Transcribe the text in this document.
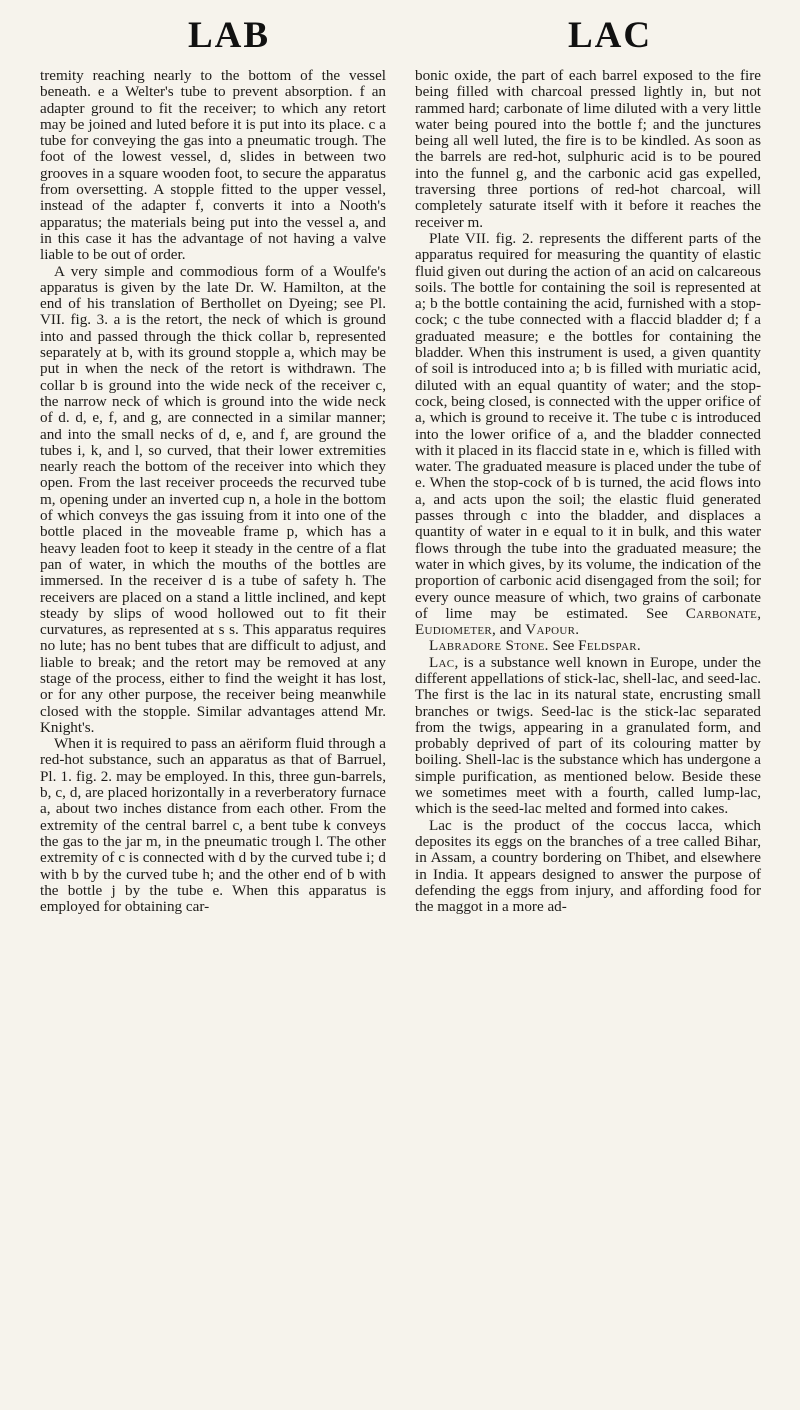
LAB	LAC

tremity reaching nearly to the bottom of the vessel beneath. e a Welter's tube to prevent absorption. f an adapter ground to fit the receiver; to which any retort may be joined and luted before it is put into its place. c a tube for conveying the gas into a pneumatic trough. The foot of the lowest vessel, d, slides in between two grooves in a square wooden foot, to secure the apparatus from oversetting. A stopple fitted to the upper vessel, instead of the adapter f, converts it into a Nooth's apparatus; the materials being put into the vessel a, and in this case it has the advantage of not having a valve liable to be out of order.

A very simple and commodious form of a Woulfe's apparatus is given by the late Dr. W. Hamilton, at the end of his translation of Berthollet on Dyeing; see Pl. VII. fig. 3. a is the retort, the neck of which is ground into and passed through the thick collar b, represented separately at b, with its ground stopple a, which may be put in when the neck of the retort is withdrawn. The collar b is ground into the wide neck of the receiver c, the narrow neck of which is ground into the wide neck of d. d, e, f, and g, are connected in a similar manner; and into the small necks of d, e, and f, are ground the tubes i, k, and l, so curved, that their lower extremities nearly reach the bottom of the receiver into which they open. From the last receiver proceeds the recurved tube m, opening under an inverted cup n, a hole in the bottom of which conveys the gas issuing from it into one of the bottle placed in the moveable frame p, which has a heavy leaden foot to keep it steady in the centre of a flat pan of water, in which the mouths of the bottles are immersed. In the receiver d is a tube of safety h. The receivers are placed on a stand a little inclined, and kept steady by slips of wood hollowed out to fit their curvatures, as represented at s s. This apparatus requires no lute; has no bent tubes that are difficult to adjust, and liable to break; and the retort may be removed at any stage of the process, either to find the weight it has lost, or for any other purpose, the receiver being meanwhile closed with the stopple. Similar advantages attend Mr. Knight's.

When it is required to pass an aëriform fluid through a red-hot substance, such an apparatus as that of Barruel, Pl. 1. fig. 2. may be employed. In this, three gun-barrels, b, c, d, are placed horizontally in a reverberatory furnace a, about two inches distance from each other. From the extremity of the central barrel c, a bent tube k conveys the gas to the jar m, in the pneumatic trough l. The other extremity of c is connected with d by the curved tube i; d with b by the curved tube h; and the other end of b with the bottle j by the tube e. When this apparatus is employed for obtaining car-

bonic oxide, the part of each barrel exposed to the fire being filled with charcoal pressed lightly in, but not rammed hard; carbonate of lime diluted with a very little water being poured into the bottle f; and the junctures being all well luted, the fire is to be kindled. As soon as the barrels are red-hot, sulphuric acid is to be poured into the funnel g, and the carbonic acid gas expelled, traversing three portions of red-hot charcoal, will completely saturate itself with it before it reaches the receiver m.

Plate VII. fig. 2. represents the different parts of the apparatus required for measuring the quantity of elastic fluid given out during the action of an acid on calcareous soils. The bottle for containing the soil is represented at a; b the bottle containing the acid, furnished with a stop-cock; c the tube connected with a flaccid bladder d; f a graduated measure; e the bottles for containing the bladder. When this instrument is used, a given quantity of soil is introduced into a; b is filled with muriatic acid, diluted with an equal quantity of water; and the stop-cock, being closed, is connected with the upper orifice of a, which is ground to receive it. The tube c is introduced into the lower orifice of a, and the bladder connected with it placed in its flaccid state in e, which is filled with water. The graduated measure is placed under the tube of e. When the stop-cock of b is turned, the acid flows into a, and acts upon the soil; the elastic fluid generated passes through c into the bladder, and displaces a quantity of water in e equal to it in bulk, and this water flows through the tube into the graduated measure; the water in which gives, by its volume, the indication of the proportion of carbonic acid disengaged from the soil; for every ounce measure of which, two grains of carbonate of lime may be estimated. See Carbonate, Eudiometer, and Vapour.

Labradore Stone. See Feldspar.

Lac, is a substance well known in Europe, under the different appellations of stick-lac, shell-lac, and seed-lac. The first is the lac in its natural state, encrusting small branches or twigs. Seed-lac is the stick-lac separated from the twigs, appearing in a granulated form, and probably deprived of part of its colouring matter by boiling. Shell-lac is the substance which has undergone a simple purification, as mentioned below. Beside these we sometimes meet with a fourth, called lump-lac, which is the seed-lac melted and formed into cakes.

Lac is the product of the coccus lacca, which deposites its eggs on the branches of a tree called Bihar, in Assam, a country bordering on Thibet, and elsewhere in India. It appears designed to answer the purpose of defending the eggs from injury, and affording food for the maggot in a more ad-
